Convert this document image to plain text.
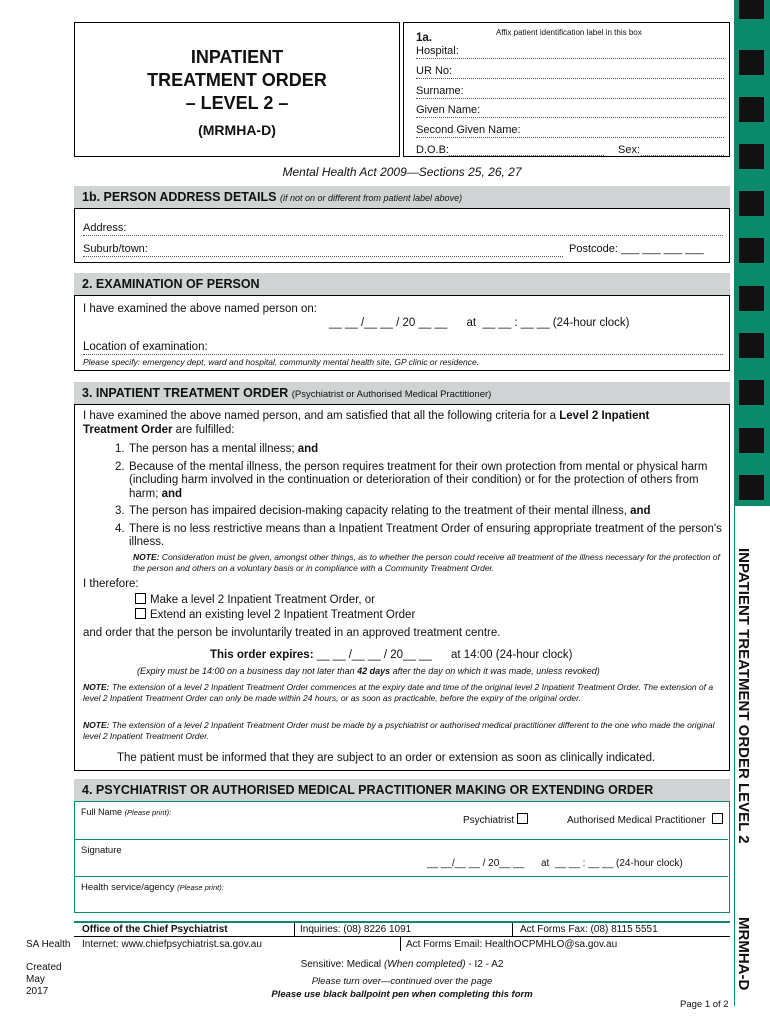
INPATIENT
TREATMENT ORDER
– LEVEL 2 –
(MRMHA-D)
1a.	Affix patient identification label in this box
Hospital:
UR No:
Surname:
Given Name:
Second Given Name:
D.O.B:	Sex:
Mental Health Act 2009—Sections 25, 26, 27
1b. PERSON ADDRESS DETAILS (if not on or different from patient label above)
Address:
Suburb/town:	Postcode: ___ ___ ___ ___
2. EXAMINATION OF PERSON
I have examined the above named person on:
__ __ /__ __ / 20 __ __      at  __ __ : __ __ (24-hour clock)
Location of examination:
Please specify: emergency dept, ward and hospital, community mental health site, GP clinic or residence.
3. INPATIENT TREATMENT ORDER (Psychiatrist or Authorised Medical Practitioner)
I have examined the above named person, and am satisfied that all the following criteria for a Level 2 Inpatient Treatment Order are fulfilled:
1. The person has a mental illness; and
2. Because of the mental illness, the person requires treatment for their own protection from mental or physical harm (including harm involved in the continuation or deterioration of their condition) or for the protection of others from harm; and
3. The person has impaired decision-making capacity relating to the treatment of their mental illness, and
4. There is no less restrictive means than a Inpatient Treatment Order of ensuring appropriate treatment of the person's illness.
NOTE: Consideration must be given, amongst other things, as to whether the person could receive all treatment of the illness necessary for the protection of the person and others on a voluntary basis or in compliance with a Community Treatment Order.
I therefore:
Make a level 2 Inpatient Treatment Order, or
Extend an existing level 2 Inpatient Treatment Order
and order that the person be involuntarily treated in an approved treatment centre.
This order expires: __ __ /__ __ / 20__ __      at 14:00 (24-hour clock)
(Expiry must be 14:00 on a business day not later than 42 days after the day on which it was made, unless revoked)
NOTE: The extension of a level 2 Inpatient Treatment Order commences at the expiry date and time of the original level 2 Inpatient Treatment Order. The extension of a level 2 Inpatient Treatment Order can only be made within 24 hours, or as soon as practicable, before the expiry of the original order.
NOTE: The extension of a level 2 Inpatient Treatment Order must be made by a psychiatrist or authorised medical practitioner different to the one who made the original level 2 Inpatient Treatment Order.
The patient must be informed that they are subject to an order or extension as soon as clinically indicated.
4. PSYCHIATRIST OR AUTHORISED MEDICAL PRACTITIONER MAKING OR EXTENDING ORDER
Full Name (Please print):
Psychiatrist	Authorised Medical Practitioner
Signature
__ __/__ __ / 20__ __      at  __ __ : __ __ (24-hour clock)
Health service/agency (Please print):
Office of the Chief Psychiatrist	Inquiries: (08) 8226 1091	Act Forms Fax: (08) 8115 5551
Internet: www.chiefpsychiatrist.sa.gov.au	Act Forms Email: HealthOCPMHLO@sa.gov.au
SA Health
Created
May
2017
Sensitive: Medical (When completed) - I2 - A2
Please turn over—continued over the page
Please use black ballpoint pen when completing this form
Page 1 of 2
INPATIENT TREATMENT ORDER LEVEL 2
MRMHA-D
